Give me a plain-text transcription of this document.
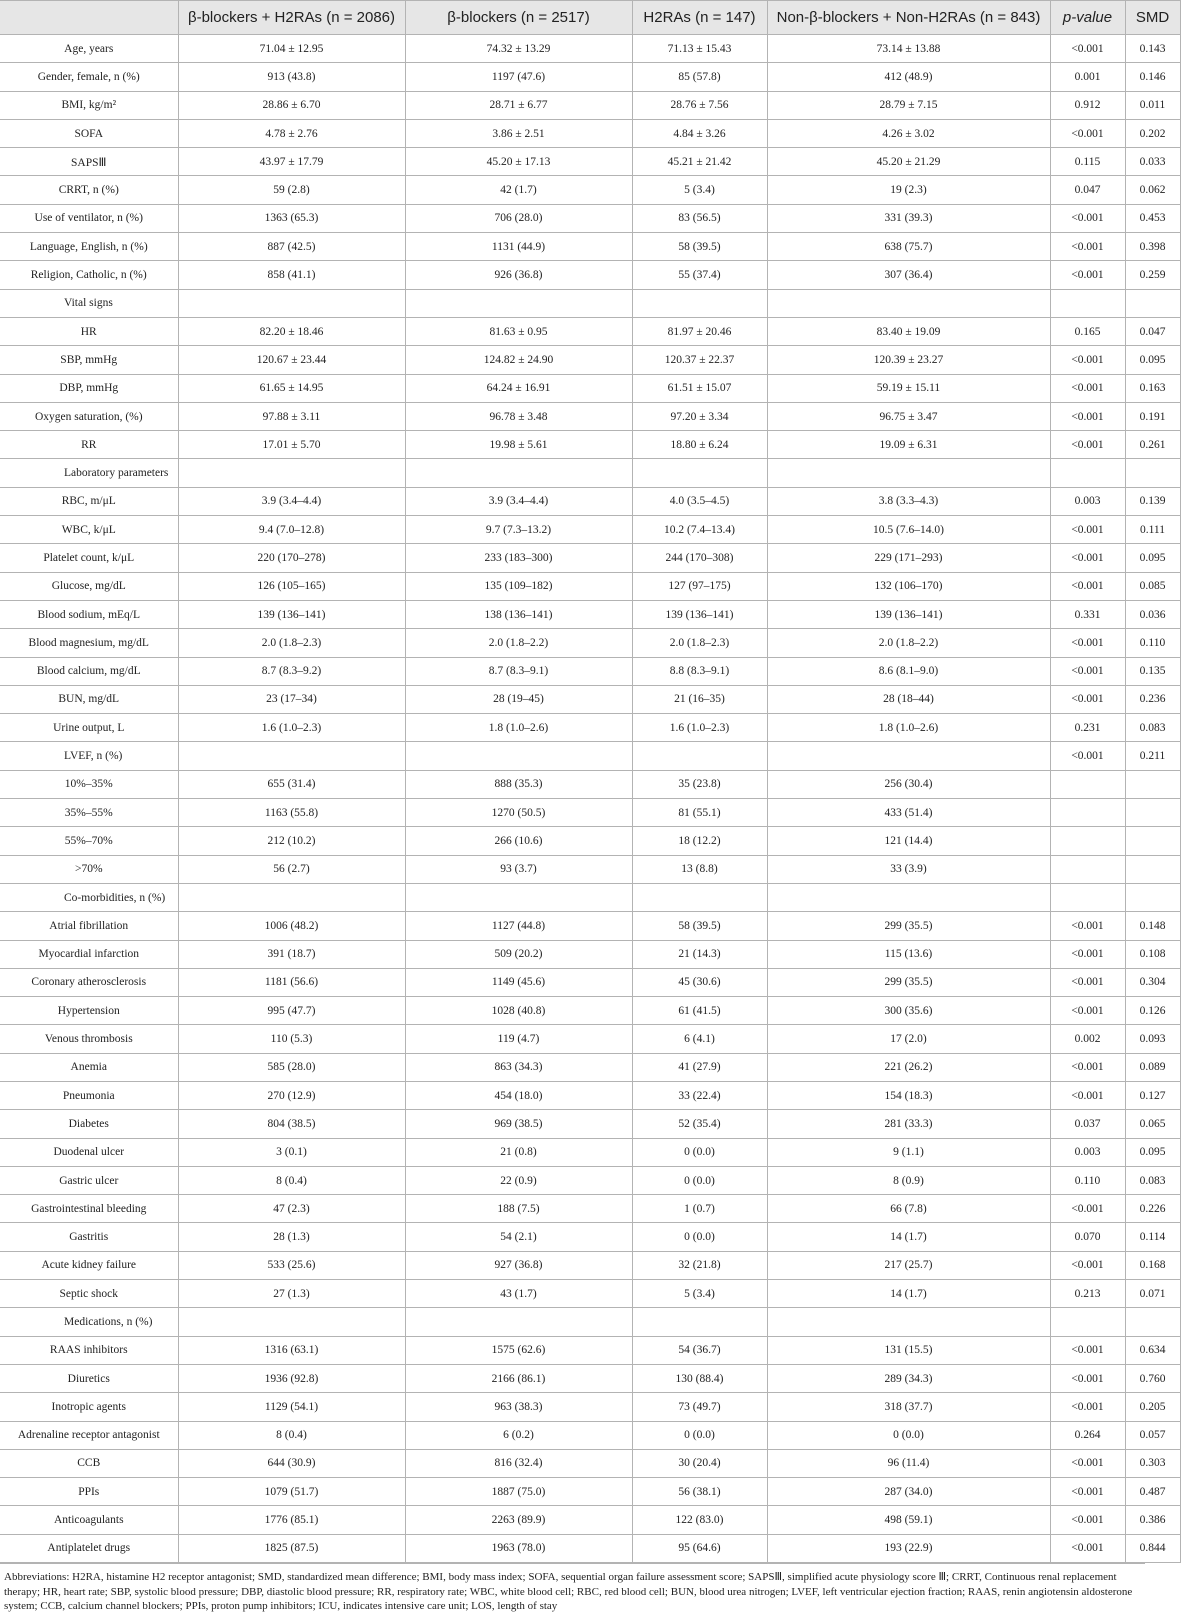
	β-blockers + H2RAs (n = 2086)	β-blockers (n = 2517)	H2RAs (n = 147)	Non-β-blockers + Non-H2RAs (n = 843)	p-value	SMD
Age, years	71.04 ± 12.95	74.32 ± 13.29	71.13 ± 15.43	73.14 ± 13.88	<0.001	0.143
Gender, female, n (%)	913 (43.8)	1197 (47.6)	85 (57.8)	412 (48.9)	0.001	0.146
BMI, kg/m²	28.86 ± 6.70	28.71 ± 6.77	28.76 ± 7.56	28.79 ± 7.15	0.912	0.011
SOFA	4.78 ± 2.76	3.86 ± 2.51	4.84 ± 3.26	4.26 ± 3.02	<0.001	0.202
SAPSⅢ	43.97 ± 17.79	45.20 ± 17.13	45.21 ± 21.42	45.20 ± 21.29	0.115	0.033
CRRT, n (%)	59 (2.8)	42 (1.7)	5 (3.4)	19 (2.3)	0.047	0.062
Use of ventilator, n (%)	1363 (65.3)	706 (28.0)	83 (56.5)	331 (39.3)	<0.001	0.453
Language, English, n (%)	887 (42.5)	1131 (44.9)	58 (39.5)	638 (75.7)	<0.001	0.398
Religion, Catholic, n (%)	858 (41.1)	926 (36.8)	55 (37.4)	307 (36.4)	<0.001	0.259
Vital signs						
HR	82.20 ± 18.46	81.63 ± 0.95	81.97 ± 20.46	83.40 ± 19.09	0.165	0.047
SBP, mmHg	120.67 ± 23.44	124.82 ± 24.90	120.37 ± 22.37	120.39 ± 23.27	<0.001	0.095
DBP, mmHg	61.65 ± 14.95	64.24 ± 16.91	61.51 ± 15.07	59.19 ± 15.11	<0.001	0.163
Oxygen saturation, (%)	97.88 ± 3.11	96.78 ± 3.48	97.20 ± 3.34	96.75 ± 3.47	<0.001	0.191
RR	17.01 ± 5.70	19.98 ± 5.61	18.80 ± 6.24	19.09 ± 6.31	<0.001	0.261
Laboratory parameters						
RBC, m/μL	3.9 (3.4–4.4)	3.9 (3.4–4.4)	4.0 (3.5–4.5)	3.8 (3.3–4.3)	0.003	0.139
WBC, k/μL	9.4 (7.0–12.8)	9.7 (7.3–13.2)	10.2 (7.4–13.4)	10.5 (7.6–14.0)	<0.001	0.111
Platelet count, k/μL	220 (170–278)	233 (183–300)	244 (170–308)	229 (171–293)	<0.001	0.095
Glucose, mg/dL	126 (105–165)	135 (109–182)	127 (97–175)	132 (106–170)	<0.001	0.085
Blood sodium, mEq/L	139 (136–141)	138 (136–141)	139 (136–141)	139 (136–141)	0.331	0.036
Blood magnesium, mg/dL	2.0 (1.8–2.3)	2.0 (1.8–2.2)	2.0 (1.8–2.3)	2.0 (1.8–2.2)	<0.001	0.110
Blood calcium, mg/dL	8.7 (8.3–9.2)	8.7 (8.3–9.1)	8.8 (8.3–9.1)	8.6 (8.1–9.0)	<0.001	0.135
BUN, mg/dL	23 (17–34)	28 (19–45)	21 (16–35)	28 (18–44)	<0.001	0.236
Urine output, L	1.6 (1.0–2.3)	1.8 (1.0–2.6)	1.6 (1.0–2.3)	1.8 (1.0–2.6)	0.231	0.083
LVEF, n (%)					<0.001	0.211
10%–35%	655 (31.4)	888 (35.3)	35 (23.8)	256 (30.4)		
35%–55%	1163 (55.8)	1270 (50.5)	81 (55.1)	433 (51.4)		
55%–70%	212 (10.2)	266 (10.6)	18 (12.2)	121 (14.4)		
>70%	56 (2.7)	93 (3.7)	13 (8.8)	33 (3.9)		
Co-morbidities, n (%)						
Atrial fibrillation	1006 (48.2)	1127 (44.8)	58 (39.5)	299 (35.5)	<0.001	0.148
Myocardial infarction	391 (18.7)	509 (20.2)	21 (14.3)	115 (13.6)	<0.001	0.108
Coronary atherosclerosis	1181 (56.6)	1149 (45.6)	45 (30.6)	299 (35.5)	<0.001	0.304
Hypertension	995 (47.7)	1028 (40.8)	61 (41.5)	300 (35.6)	<0.001	0.126
Venous thrombosis	110 (5.3)	119 (4.7)	6 (4.1)	17 (2.0)	0.002	0.093
Anemia	585 (28.0)	863 (34.3)	41 (27.9)	221 (26.2)	<0.001	0.089
Pneumonia	270 (12.9)	454 (18.0)	33 (22.4)	154 (18.3)	<0.001	0.127
Diabetes	804 (38.5)	969 (38.5)	52 (35.4)	281 (33.3)	0.037	0.065
Duodenal ulcer	3 (0.1)	21 (0.8)	0 (0.0)	9 (1.1)	0.003	0.095
Gastric ulcer	8 (0.4)	22 (0.9)	0 (0.0)	8 (0.9)	0.110	0.083
Gastrointestinal bleeding	47 (2.3)	188 (7.5)	1 (0.7)	66 (7.8)	<0.001	0.226
Gastritis	28 (1.3)	54 (2.1)	0 (0.0)	14 (1.7)	0.070	0.114
Acute kidney failure	533 (25.6)	927 (36.8)	32 (21.8)	217 (25.7)	<0.001	0.168
Septic shock	27 (1.3)	43 (1.7)	5 (3.4)	14 (1.7)	0.213	0.071
Medications, n (%)						
RAAS inhibitors	1316 (63.1)	1575 (62.6)	54 (36.7)	131 (15.5)	<0.001	0.634
Diuretics	1936 (92.8)	2166 (86.1)	130 (88.4)	289 (34.3)	<0.001	0.760
Inotropic agents	1129 (54.1)	963 (38.3)	73 (49.7)	318 (37.7)	<0.001	0.205
Adrenaline receptor antagonist	8 (0.4)	6 (0.2)	0 (0.0)	0 (0.0)	0.264	0.057
CCB	644 (30.9)	816 (32.4)	30 (20.4)	96 (11.4)	<0.001	0.303
PPIs	1079 (51.7)	1887 (75.0)	56 (38.1)	287 (34.0)	<0.001	0.487
Anticoagulants	1776 (85.1)	2263 (89.9)	122 (83.0)	498 (59.1)	<0.001	0.386
Antiplatelet drugs	1825 (87.5)	1963 (78.0)	95 (64.6)	193 (22.9)	<0.001	0.844
Abbreviations: H2RA, histamine H2 receptor antagonist; SMD, standardized mean difference; BMI, body mass index; SOFA, sequential organ failure assessment score; SAPSⅢ, simplified acute physiology score Ⅲ; CRRT, Continuous renal replacement therapy; HR, heart rate; SBP, systolic blood pressure; DBP, diastolic blood pressure; RR, respiratory rate; WBC, white blood cell; RBC, red blood cell; BUN, blood urea nitrogen; LVEF, left ventricular ejection fraction; RAAS, renin angiotensin aldosterone system; CCB, calcium channel blockers; PPIs, proton pump inhibitors; ICU, indicates intensive care unit; LOS, length of stay
